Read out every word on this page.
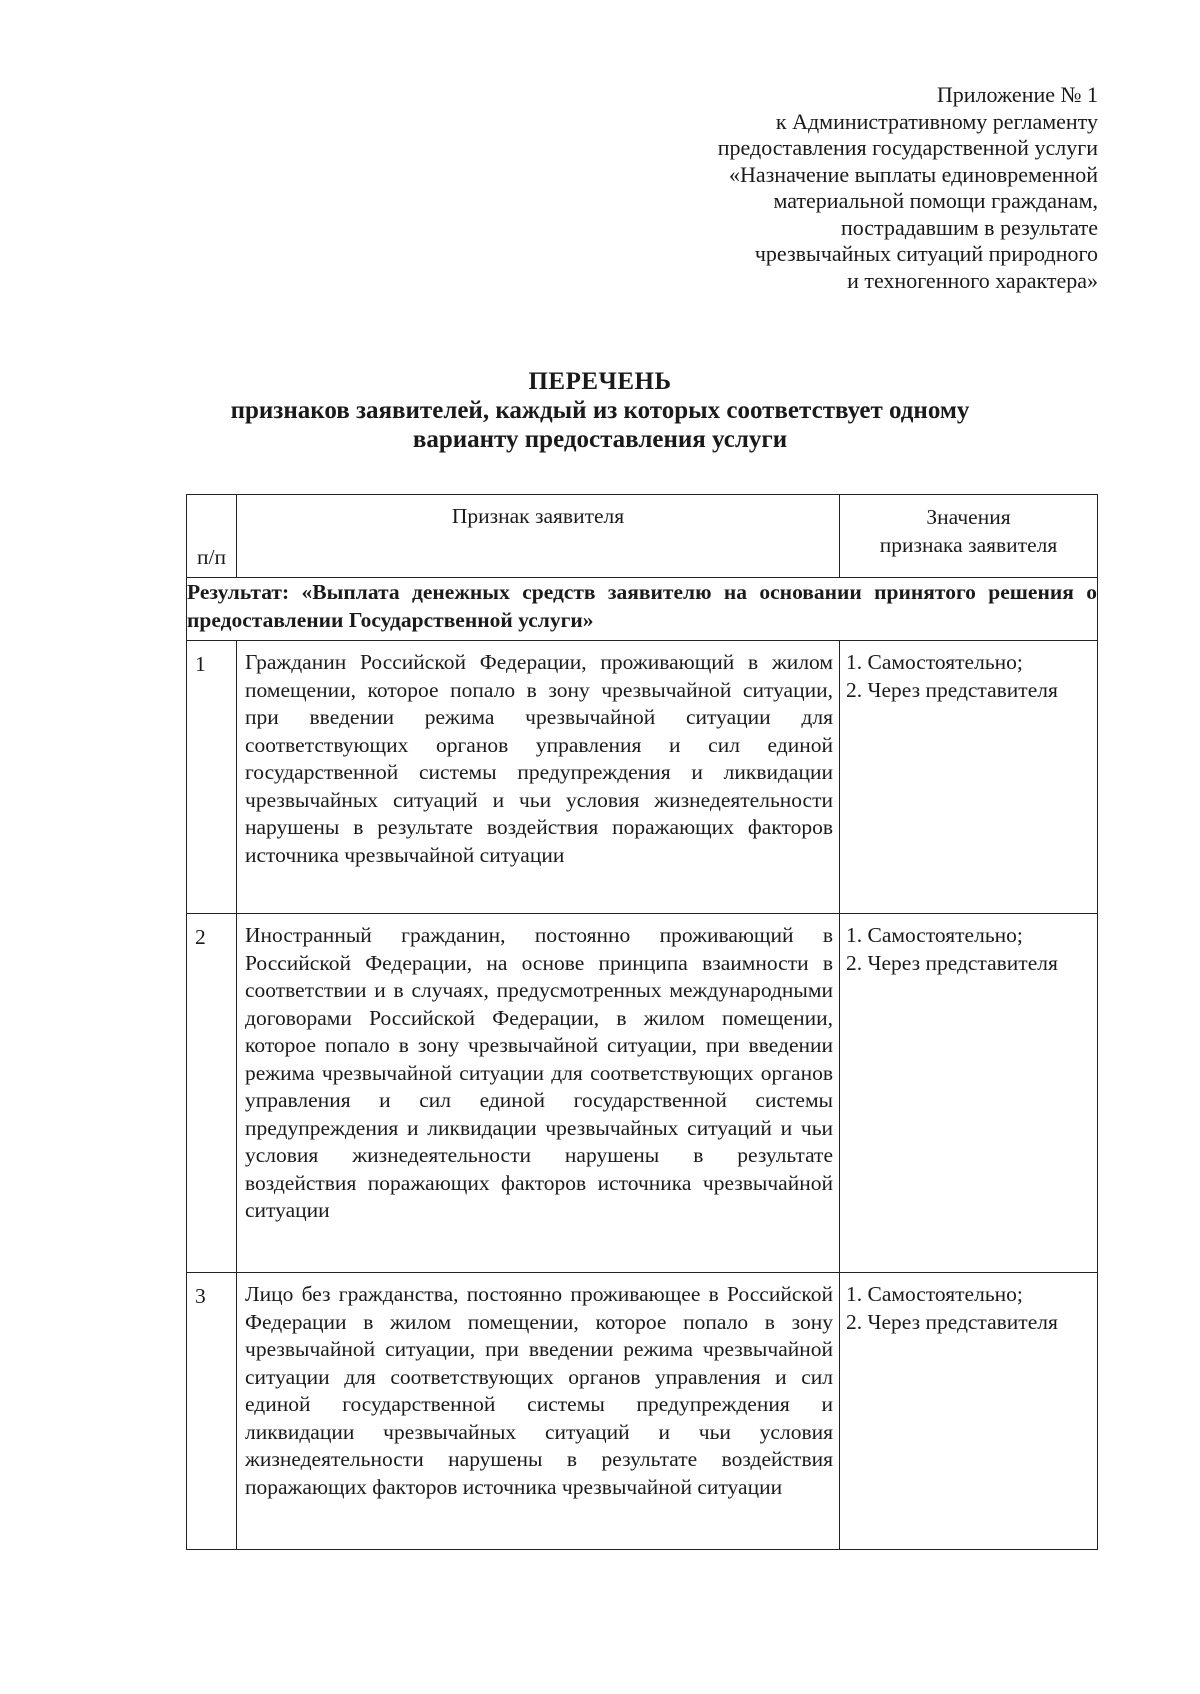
Приложение № 1
к Административному регламенту
предоставления государственной услуги
«Назначение выплаты единовременной
материальной помощи гражданам,
пострадавшим в результате
чрезвычайных ситуаций природного
и техногенного характера»
ПЕРЕЧЕНЬ
признаков заявителей, каждый из которых соответствует одному
варианту предоставления услуги
п/п	Признак заявителя	Значения
признака заявителя

Результат: «Выплата денежных средств заявителю на основании принятого решения о предоставлении Государственной услуги»		
1	Гражданин Российской Федерации, проживающий в жилом помещении, которое попало в зону чрезвычайной ситуации, при введении режима чрезвычайной ситуации для соответствующих органов управления и сил единой государственной системы предупреждения и ликвидации чрезвычайных ситуаций и чьи условия жизнедеятельности нарушены в результате воздействия поражающих факторов источника чрезвычайной ситуации	1. Самостоятельно;
2. Через представителя

2	Иностранный гражданин, постоянно проживающий в Российской Федерации, на основе принципа взаимности в соответствии и в случаях, предусмотренных международными договорами Российской Федерации, в жилом помещении, которое попало в зону чрезвычайной ситуации, при введении режима чрезвычайной ситуации для соответствующих органов управления и сил единой государственной системы предупреждения и ликвидации чрезвычайных ситуаций и чьи условия жизнедеятельности нарушены в результате воздействия поражающих факторов источника чрезвычайной ситуации	1. Самостоятельно;
2. Через представителя

3	Лицо без гражданства, постоянно проживающее в Российской Федерации в жилом помещении, которое попало в зону чрезвычайной ситуации, при введении режима чрезвычайной ситуации для соответствующих органов управления и сил единой государственной системы предупреждения и ликвидации чрезвычайных ситуаций и чьи условия жизнедеятельности нарушены в результате воздействия поражающих факторов источника чрезвычайной ситуации	1. Самостоятельно;
2. Через представителя
